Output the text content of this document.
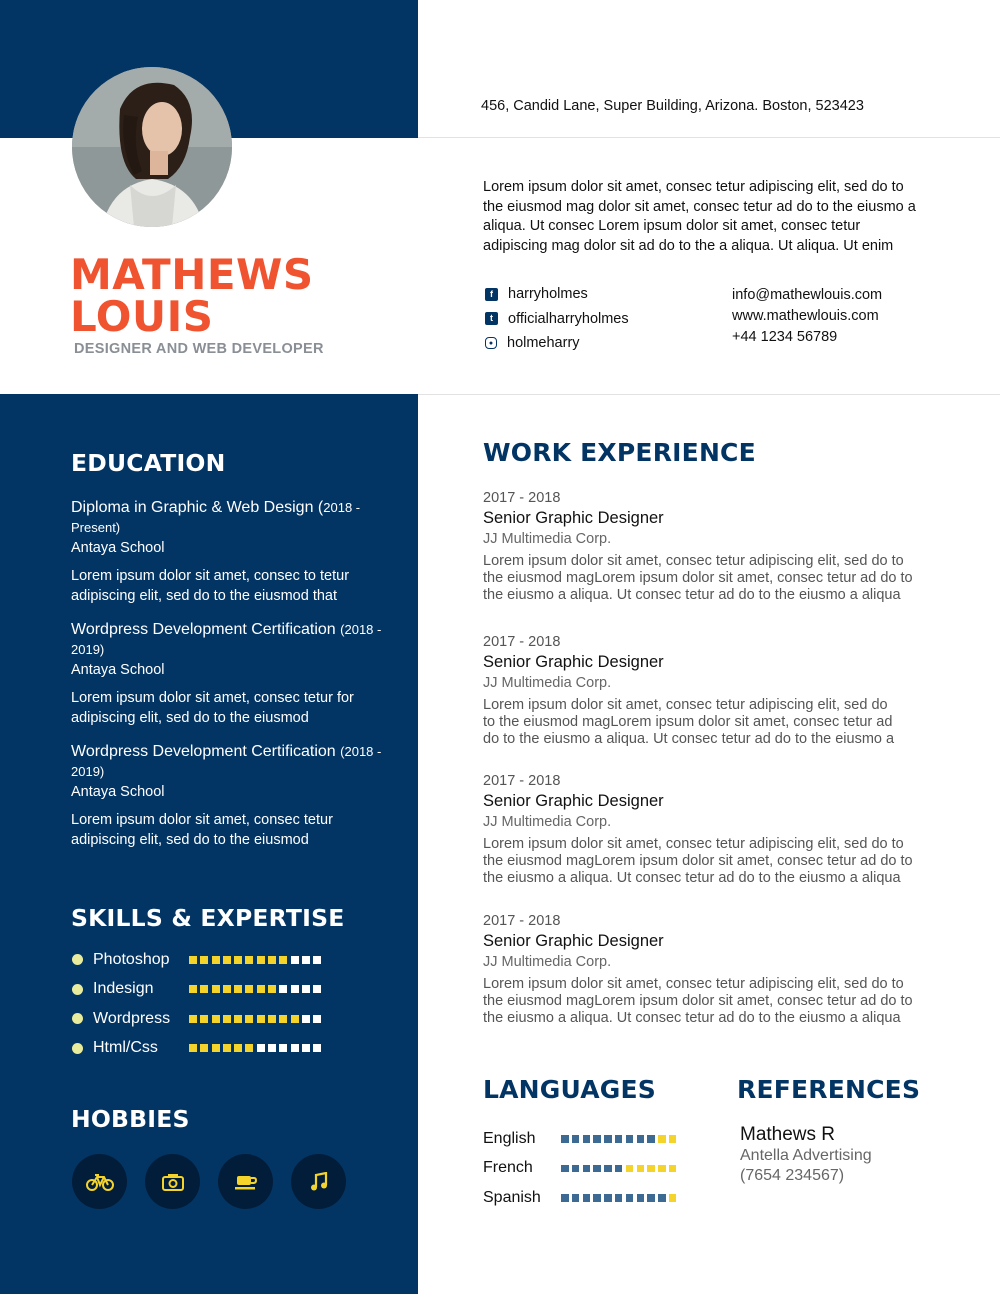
MATHEWS
LOUIS
DESIGNER AND WEB DEVELOPER
456, Candid Lane, Super Building, Arizona. Boston, 523423
Lorem ipsum dolor sit amet, consec tetur adipiscing elit, sed do to the eiusmod mag dolor sit amet, consec tetur ad do to the eiusmo a aliqua. Ut consec Lorem ipsum dolor sit amet, consec tetur adipiscing mag dolor sit ad do to the a aliqua. Ut aliqua. Ut enim
f	harryholmes
t	officialharryholmes
● holmeharry
info@mathewlouis.com
www.mathewlouis.com
+44 1234 56789
EDUCATION
Diploma in Graphic & Web Design (2018 - Present)
Antaya School
Lorem ipsum dolor sit amet, consec to tetur adipiscing elit, sed do to the eiusmod that
Wordpress Development Certification (2018 - 2019)
Antaya School
Lorem ipsum dolor sit amet, consec tetur for adipiscing elit, sed do to the eiusmod
Wordpress Development Certification (2018 - 2019)
Antaya School
Lorem ipsum dolor sit amet, consec tetur adipiscing elit, sed do to the eiusmod
SKILLS & EXPERTISE
Photoshop
Indesign
Wordpress
Html/Css
HOBBIES
WORK EXPERIENCE
2017 - 2018
Senior Graphic Designer
JJ Multimedia Corp.
Lorem ipsum dolor sit amet, consec tetur adipiscing elit, sed do to the eiusmod magLorem ipsum dolor sit amet, consec tetur ad do to the eiusmo a aliqua. Ut consec tetur ad do to the eiusmo a aliqua
2017 - 2018
Senior Graphic Designer
JJ Multimedia Corp.
Lorem ipsum dolor sit amet, consec tetur adipiscing elit, sed do to the eiusmod magLorem ipsum dolor sit amet, consec tetur ad do to the eiusmo a aliqua. Ut consec tetur ad do to the eiusmo a
2017 - 2018
Senior Graphic Designer
JJ Multimedia Corp.
Lorem ipsum dolor sit amet, consec tetur adipiscing elit, sed do to the eiusmod magLorem ipsum dolor sit amet, consec tetur ad do to the eiusmo a aliqua. Ut consec tetur ad do to the eiusmo a aliqua
2017 - 2018
Senior Graphic Designer
JJ Multimedia Corp.
Lorem ipsum dolor sit amet, consec tetur adipiscing elit, sed do to the eiusmod magLorem ipsum dolor sit amet, consec tetur ad do to the eiusmo a aliqua. Ut consec tetur ad do to the eiusmo a aliqua
LANGUAGES
English
French
Spanish
REFERENCES
Mathews R
Antella Advertising
(7654 234567)
